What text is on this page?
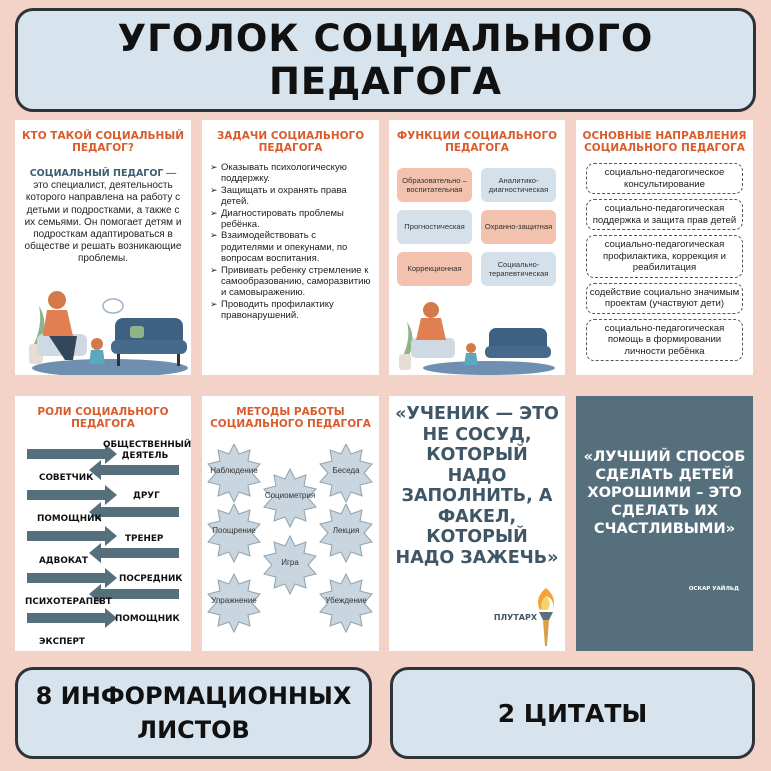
УГОЛОК СОЦИАЛЬНОГО ПЕДАГОГА
КТО ТАКОЙ СОЦИАЛЬНЫЙ ПЕДАГОГ?

СОЦИАЛЬНЫЙ ПЕДАГОГ — это специалист, деятельность которого направлена на работу с детьми и подростками, а также с их семьями. Он помогает детям и подросткам адаптироваться в обществе и решать возникающие проблемы.

ЗАДАЧИ СОЦИАЛЬНОГО ПЕДАГОГА
➢ Оказывать психологическую поддержку.
➢ Защищать и охранять права детей.
➢ Диагностировать проблемы ребёнка.
➢ Взаимодействовать с родителями и опекунами, по вопросам воспитания.
➢ Прививать ребенку стремление к самообразованию, саморазвитию и самовыражению.
➢ Проводить профилактику правонарушений.
ФУНКЦИИ СОЦИАЛЬНОГО ПЕДАГОГА
Образовательно – воспитательная
Аналитико-диагностическая
Прогностическая	Охранно-защитная
Коррекционная
Социально-терапевтическая
ОСНОВНЫЕ НАПРАВЛЕНИЯ СОЦИАЛЬНОГО ПЕДАГОГА
социально-педагогическое консультирование
социально-педагогическая поддержка и защита прав детей
социально-педагогическая профилактика, коррекция и реабилитация
содействие социально значимым проектам (участвуют дети)
социально-педагогическая помощь в формировании личности ребёнка
РОЛИ СОЦИАЛЬНОГО ПЕДАГОГА
ОБЩЕСТВЕННЫЙ ДЕЯТЕЛЬ
СОВЕТЧИК
ДРУГ
ПОМОЩНИК
ТРЕНЕР
АДВОКАТ
ПОСРЕДНИК
ПСИХОТЕРАПЕВТ
ПОМОЩНИК
ЭКСПЕРТ
МЕТОДЫ РАБОТЫ СОЦИАЛЬНОГО ПЕДАГОГА
Наблюдение	Беседа
Социометрия
Поощрение	Лекция
Игра
Упражнение	Убеждение
«УЧЕНИК — ЭТО НЕ СОСУД, КОТОРЫЙ НАДО ЗАПОЛНИТЬ, А ФАКЕЛ, КОТОРЫЙ НАДО ЗАЖЕЧЬ»
ПЛУТАРХ
«ЛУЧШИЙ СПОСОБ СДЕЛАТЬ ДЕТЕЙ ХОРОШИМИ – ЭТО СДЕЛАТЬ ИХ СЧАСТЛИВЫМИ»
ОСКАР УАЙЛЬД
8 ИНФОРМАЦИОННЫХ ЛИСТОВ
2 ЦИТАТЫ
